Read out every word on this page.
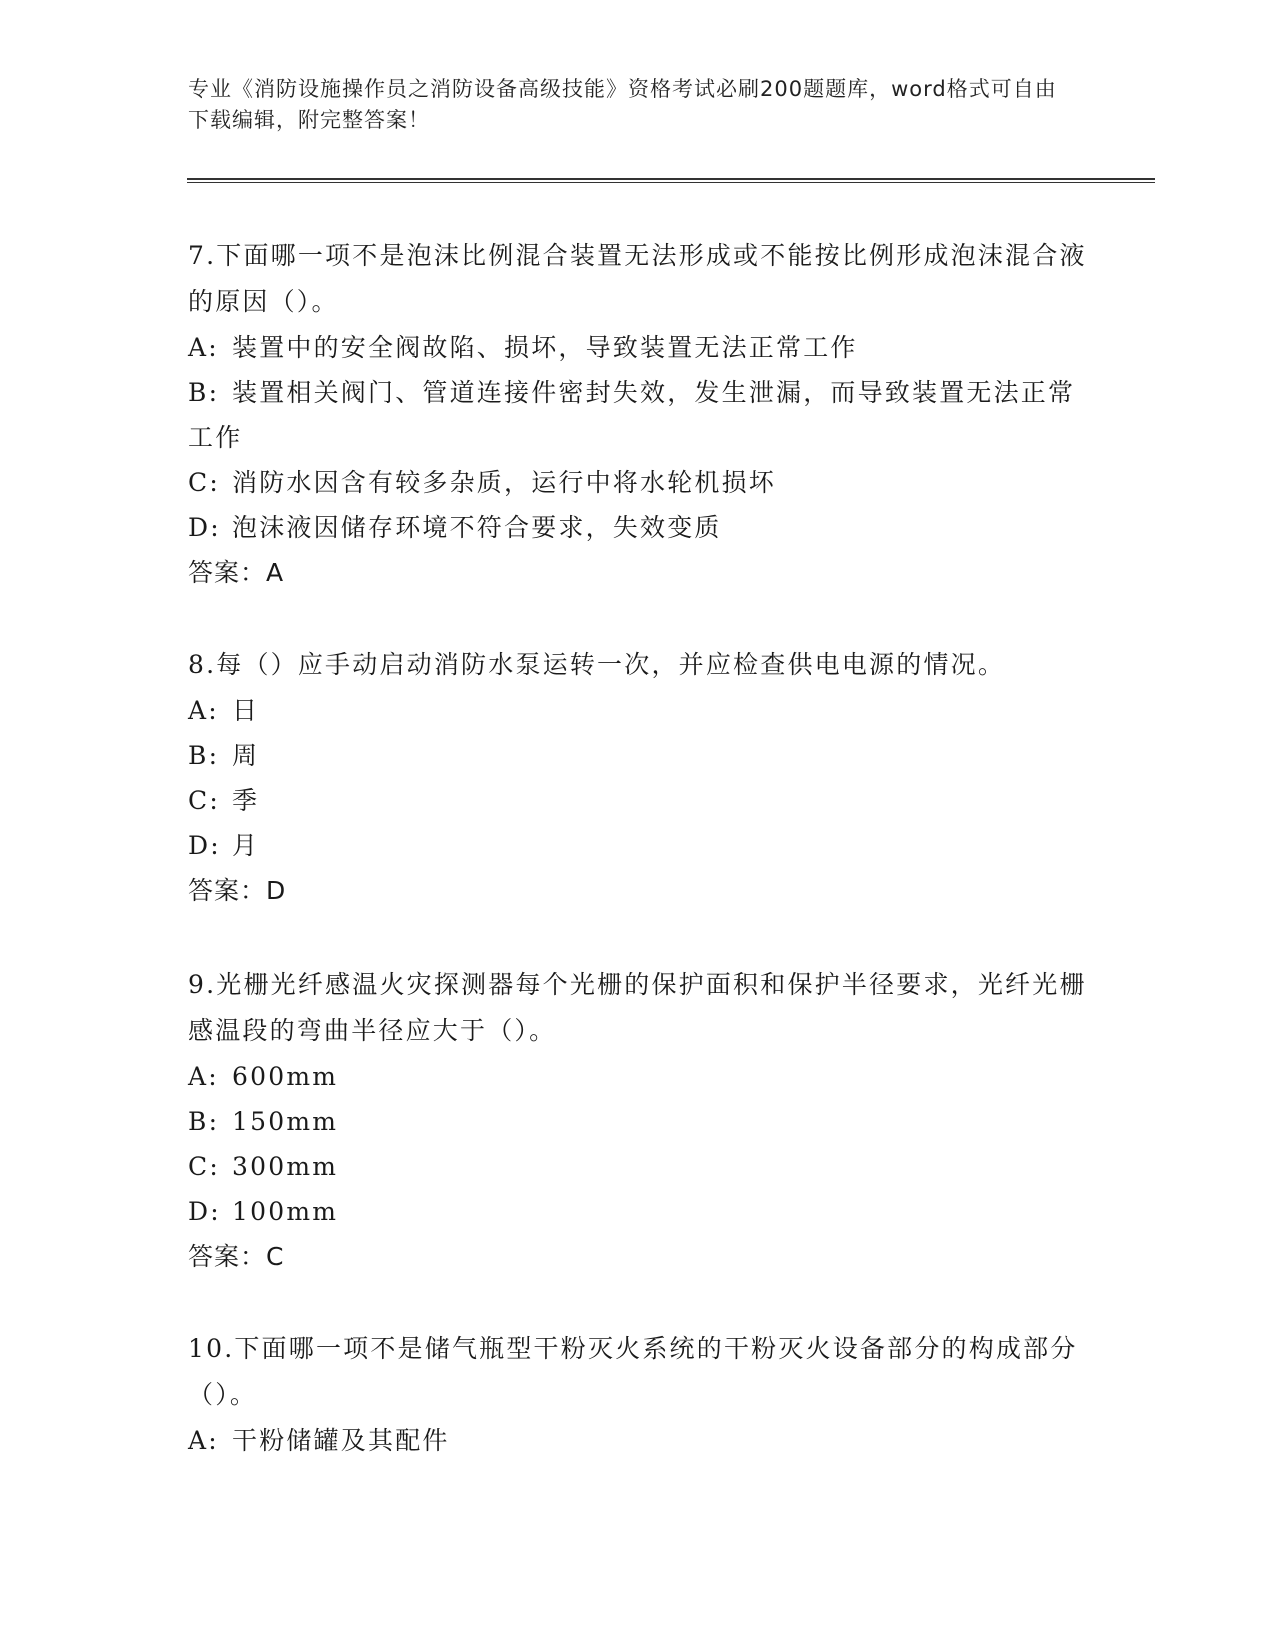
专业《消防设施操作员之消防设备高级技能》资格考试必刷200题题库，word格式可自由下载编辑，附完整答案！

7.下面哪一项不是泡沫比例混合装置无法形成或不能按比例形成泡沫混合液的原因（）。

A: 装置中的安全阀故陷、损坏，导致装置无法正常工作

B: 装置相关阀门、管道连接件密封失效，发生泄漏，而导致装置无法正常工作

C: 消防水因含有较多杂质，运行中将水轮机损坏

D: 泡沫液因储存环境不符合要求，失效变质

答案：A

8.每（）应手动启动消防水泵运转一次，并应检查供电电源的情况。

A: 日

B: 周

C: 季

D: 月

答案：D

9.光栅光纤感温火灾探测器每个光栅的保护面积和保护半径要求，光纤光栅感温段的弯曲半径应大于（）。

A: 600mm

B: 150mm

C: 300mm

D: 100mm

答案：C

10.下面哪一项不是储气瓶型干粉灭火系统的干粉灭火设备部分的构成部分（）。

A: 干粉储罐及其配件
